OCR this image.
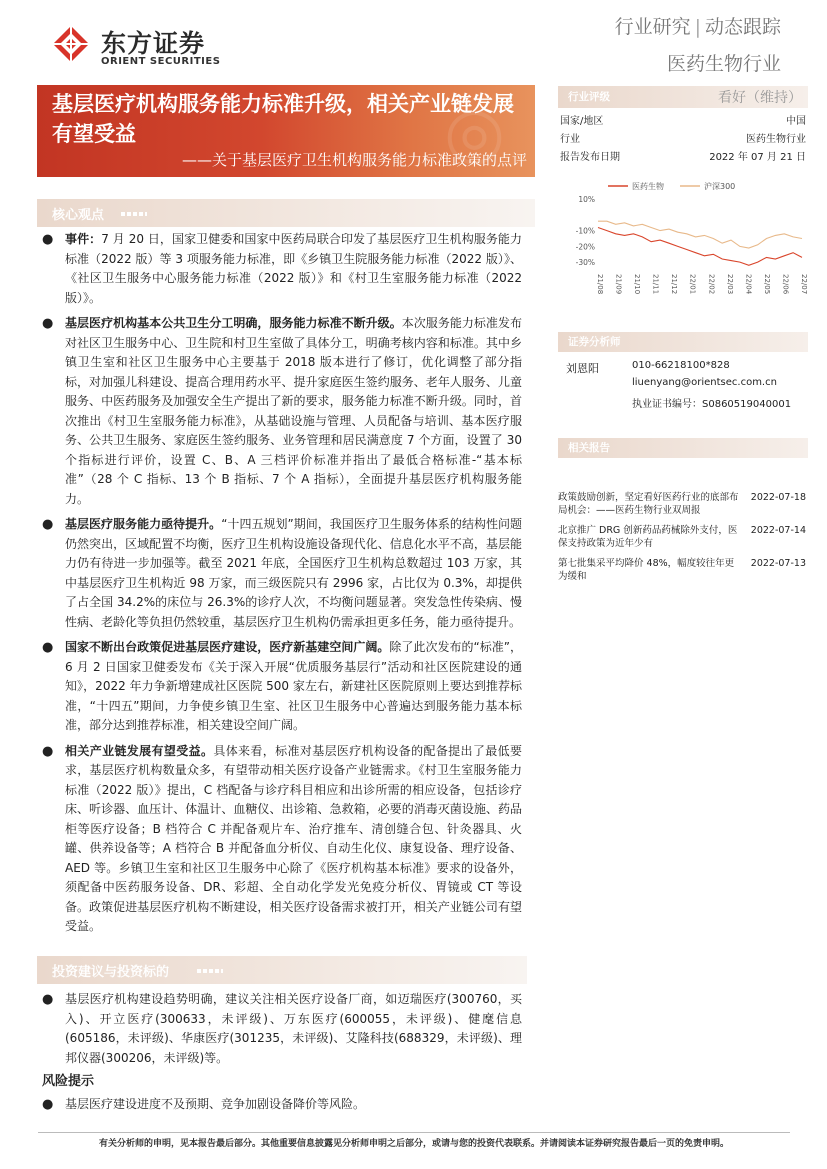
东方证券
ORIENT SECURITIES
行业研究 | 动态跟踪
医药生物行业
◎
基层医疗机构服务能力标准升级，相关产业链发展有望受益
——关于基层医疗卫生机构服务能力标准政策的点评
核心观点
● 事件：7 月 20 日，国家卫健委和国家中医药局联合印发了基层医疗卫生机构服务能力标准（2022 版）等 3 项服务能力标准，即《乡镇卫生院服务能力标准（2022 版）》、《社区卫生服务中心服务能力标准（2022 版）》和《村卫生室服务能力标准（2022 版）》。
● 基层医疗机构基本公共卫生分工明确，服务能力标准不断升级。本次服务能力标准发布对社区卫生服务中心、卫生院和村卫生室做了具体分工，明确考核内容和标准。其中乡镇卫生室和社区卫生服务中心主要基于 2018 版本进行了修订，优化调整了部分指标，对加强儿科建设、提高合理用药水平、提升家庭医生签约服务、老年人服务、儿童服务、中医药服务及加强安全生产提出了新的要求，服务能力标准不断升级。同时，首次推出《村卫生室服务能力标准》，从基础设施与管理、人员配备与培训、基本医疗服务、公共卫生服务、家庭医生签约服务、业务管理和居民满意度 7 个方面，设置了 30 个指标进行评价，设置 C、B、A 三档评价标准并指出了最低合格标准-“基本标准”（28 个 C 指标、13 个 B 指标、7 个 A 指标），全面提升基层医疗机构服务能力。
● 基层医疗服务能力亟待提升。“十四五规划”期间，我国医疗卫生服务体系的结构性问题仍然突出，区域配置不均衡，医疗卫生机构设施设备现代化、信息化水平不高，基层能力仍有待进一步加强等。截至 2021 年底，全国医疗卫生机构总数超过 103 万家，其中基层医疗卫生机构近 98 万家，而三级医院只有 2996 家，占比仅为 0.3%，却提供了占全国 34.2%的床位与 26.3%的诊疗人次，不均衡问题显著。突发急性传染病、慢性病、老龄化等负担仍然较重，基层医疗卫生机构仍需承担更多任务，能力亟待提升。
● 国家不断出台政策促进基层医疗建设，医疗新基建空间广阔。除了此次发布的“标准”，6 月 2 日国家卫健委发布《关于深入开展“优质服务基层行”活动和社区医院建设的通知》，2022 年力争新增建成社区医院 500 家左右，新建社区医院原则上要达到推荐标准，“十四五”期间，力争使乡镇卫生室、社区卫生服务中心普遍达到服务能力基本标准，部分达到推荐标准，相关建设空间广阔。
● 相关产业链发展有望受益。具体来看，标准对基层医疗机构设备的配备提出了最低要求，基层医疗机构数量众多，有望带动相关医疗设备产业链需求。《村卫生室服务能力标准（2022 版）》提出，C 档配备与诊疗科目相应和出诊所需的相应设备，包括诊疗床、听诊器、血压计、体温计、血糖仪、出诊箱、急救箱，必要的消毒灭菌设施、药品柜等医疗设备；B 档符合 C 并配备观片车、治疗推车、清创缝合包、针灸器具、火罐、供养设备等；A 档符合 B 并配备血分析仪、自动生化仪、康复设备、理疗设备、AED 等。乡镇卫生室和社区卫生服务中心除了《医疗机构基本标准》要求的设备外，须配备中医药服务设备、DR、彩超、全自动化学发光免疫分析仪、胃镜或 CT 等设备。政策促进基层医疗机构不断建设，相关医疗设备需求被打开，相关产业链公司有望受益。
投资建议与投资标的
● 基层医疗机构建设趋势明确，建议关注相关医疗设备厂商，如迈瑞医疗(300760，买入)、开立医疗(300633，未评级)、万东医疗(600055，未评级)、健麾信息(605186，未评级)、华康医疗(301235，未评级)、艾隆科技(688329，未评级)、理邦仪器(300206，未评级)等。
风险提示
● 基层医疗建设进度不及预期、竞争加剧设备降价等风险。
行业评级	看好（维持）
国家/地区	中国
行业	医药生物行业
报告发布日期	2022 年 07 月 21 日
医药生物	沪深300
10%
-10%
-20%
-30%
21/08 21/09 21/10 21/11 21/12 22/01 22/02 22/03 22/04 22/05 22/06 22/07
证券分析师
刘恩阳	010-66218100*828
liuenyang@orientsec.com.cn
执业证书编号：S0860519040001
相关报告
政策鼓励创新，坚定看好医药行业的底部布局机会：——医药生物行业双周报
2022-07-18
北京推广 DRG 创新药品药械除外支付，医保支持政策为近年少有
2022-07-14
第七批集采平均降价 48%，幅度较往年更为缓和
2022-07-13
有关分析师的申明，见本报告最后部分。其他重要信息披露见分析师申明之后部分，或请与您的投资代表联系。并请阅读本证券研究报告最后一页的免责申明。
